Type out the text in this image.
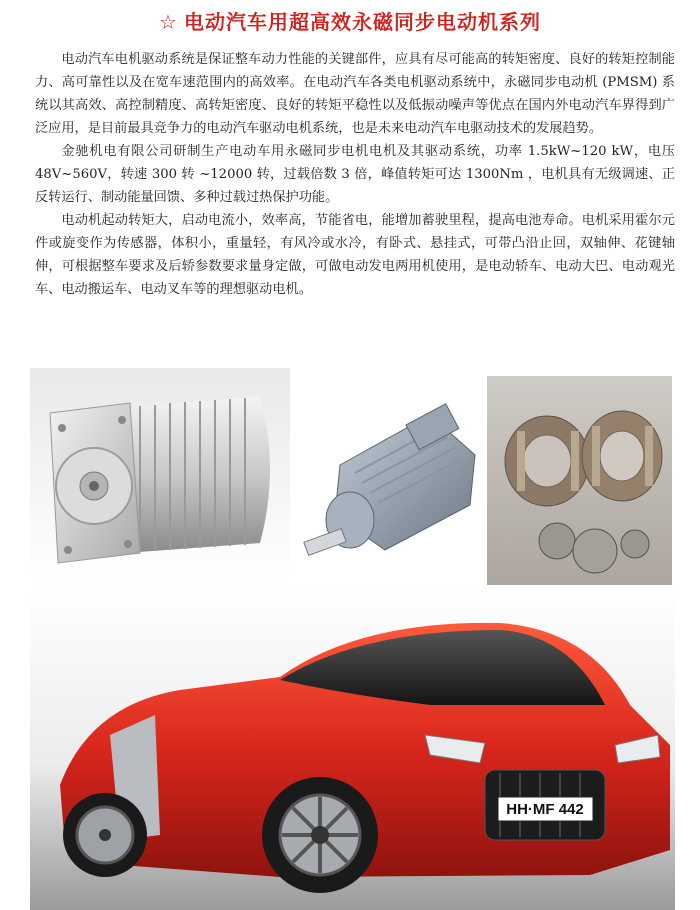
☆ 电动汽车用超高效永磁同步电动机系列

电动汽车电机驱动系统是保证整车动力性能的关键部件，应具有尽可能高的转矩密度、良好的转矩控制能力、高可靠性以及在宽车速范围内的高效率。在电动汽车各类电机驱动系统中，永磁同步电动机 (PMSM) 系统以其高效、高控制精度、高转矩密度、良好的转矩平稳性以及低振动噪声等优点在国内外电动汽车界得到广泛应用，是目前最具竞争力的电动汽车驱动电机系统，也是未来电动汽车电驱动技术的发展趋势。

金驰机电有限公司研制生产电动车用永磁同步电机电机及其驱动系统，功率 1.5kW~120 kW，电压 48V~560V，转速 300 转 ~12000 转，过载倍数 3 倍，峰值转矩可达 1300Nm ，电机具有无级调速、正反转运行、制动能量回馈、多种过载过热保护功能。

电动机起动转矩大，启动电流小，效率高，节能省电，能增加蓄驶里程，提高电池寿命。电机采用霍尔元件或旋变作为传感器，体积小，重量轻，有风冷或水冷，有卧式、悬挂式，可带凸沿止回，双轴伸、花键轴伸，可根据整车要求及后轿参数要求量身定做，可做电动发电两用机使用，是电动轿车、电动大巴、电动观光车、电动搬运车、电动叉车等的理想驱动电机。

HH·MF 442
